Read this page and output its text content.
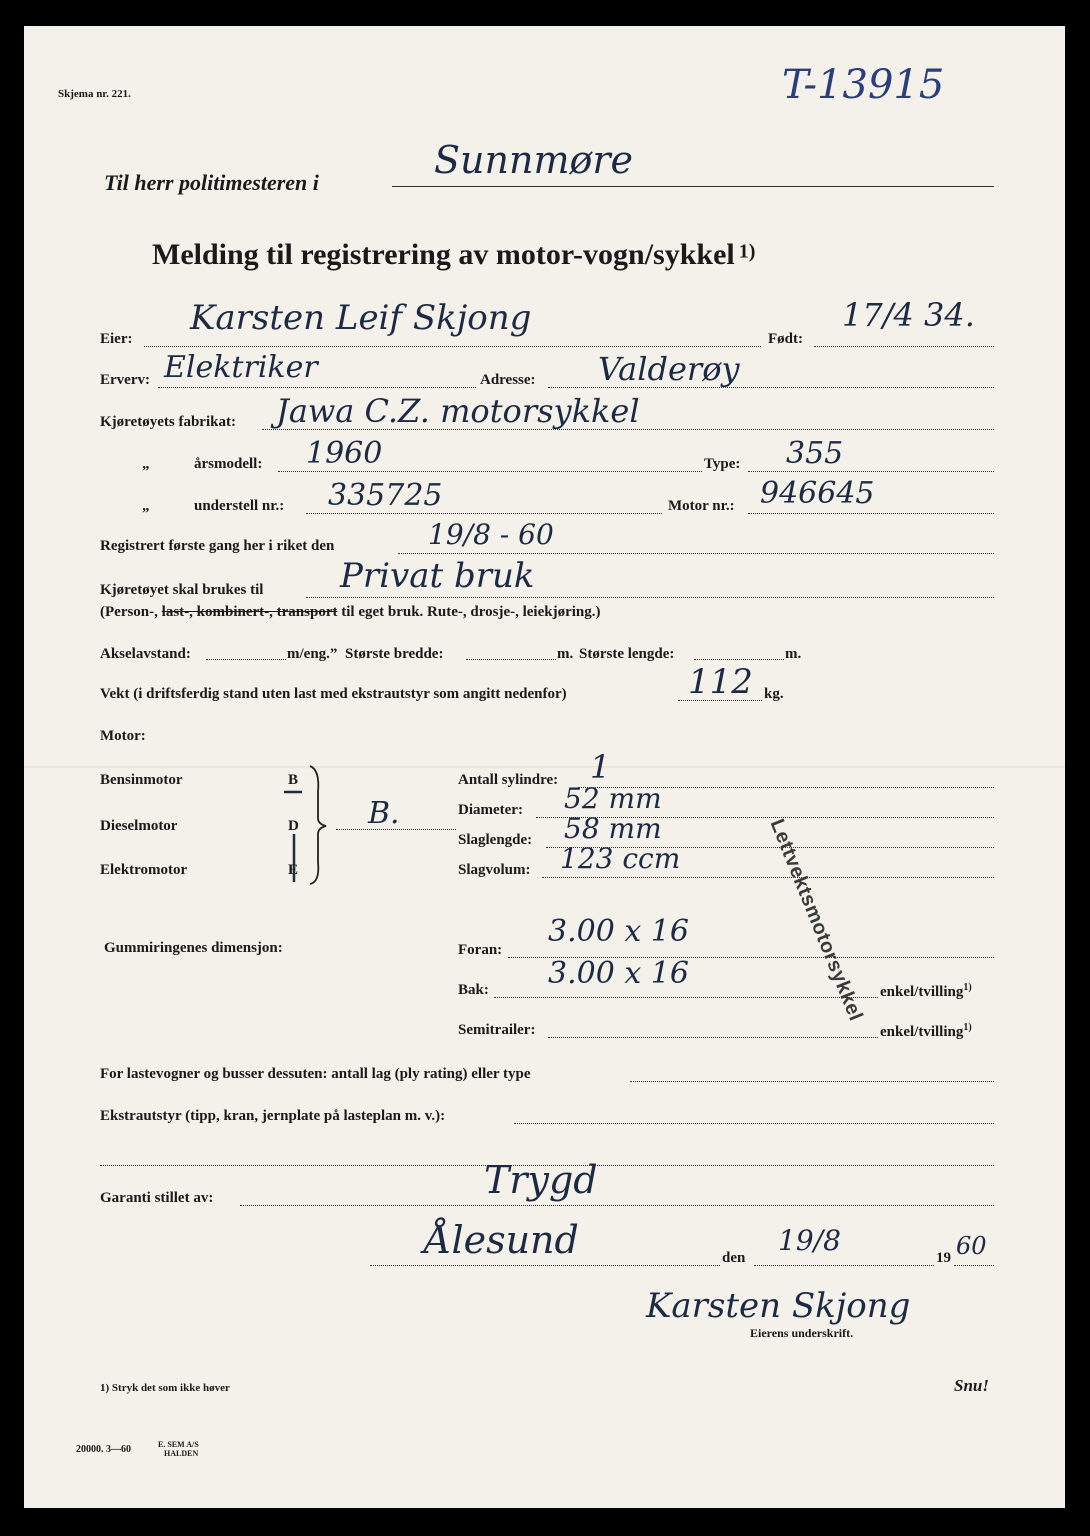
Skjema nr. 221.	T-13915
Til herr politimesteren i
Sunnmøre
Melding til registrering av motor-vogn/sykkel $^{1)}$
Eier:
Karsten Leif Skjong
Født:
17/4 34.
Erverv: Elektriker	Adresse: Valderøy
Kjøretøyets fabrikat: Jawa C.Z. motorsykkel
„	årsmodell: 1960	Type: 355
„	understell nr.: 335725	Motor nr.: 946645
Registrert første gang her i riket den	19/8 - 60
Kjøretøyet skal brukes til Privat bruk
(Person-, last-, kombinert-, transport til eget bruk. Rute-, drosje-, leiekjøring.)
Akselavstand:	m/eng.” Største bredde:	m. Største lengde:	m.
Vekt (i driftsferdig stand uten last med ekstrautstyr som angitt nedenfor)	112 kg.
Motor:
Bensinmotor	B
Dieselmotor	D
Elektromotor	E
B.
Antall sylindre: 1
Diameter: 52 mm
Slaglengde: 58 mm
Slagvolum: 123 ccm	Lettvektsmotorsykkel
Gummiringenes dimensjon:	Foran:
3.00 x 16
Bak: 3.00 x 16
enkel/tvilling$^{1)}$
Semitrailer:	enkel/tvilling$^{1)}$
For lastevogner og busser dessuten: antall lag (ply rating) eller type
Ekstrautstyr (tipp, kran, jernplate på lasteplan m. v.):
Garanti stillet av:	Trygd
Ålesund	den
19/8
19 60
Karsten Skjong
Eierens underskrift.
1) Stryk det som ikke høver	Snu!
20000. 3—60	E. SEM A/S
HALDEN
